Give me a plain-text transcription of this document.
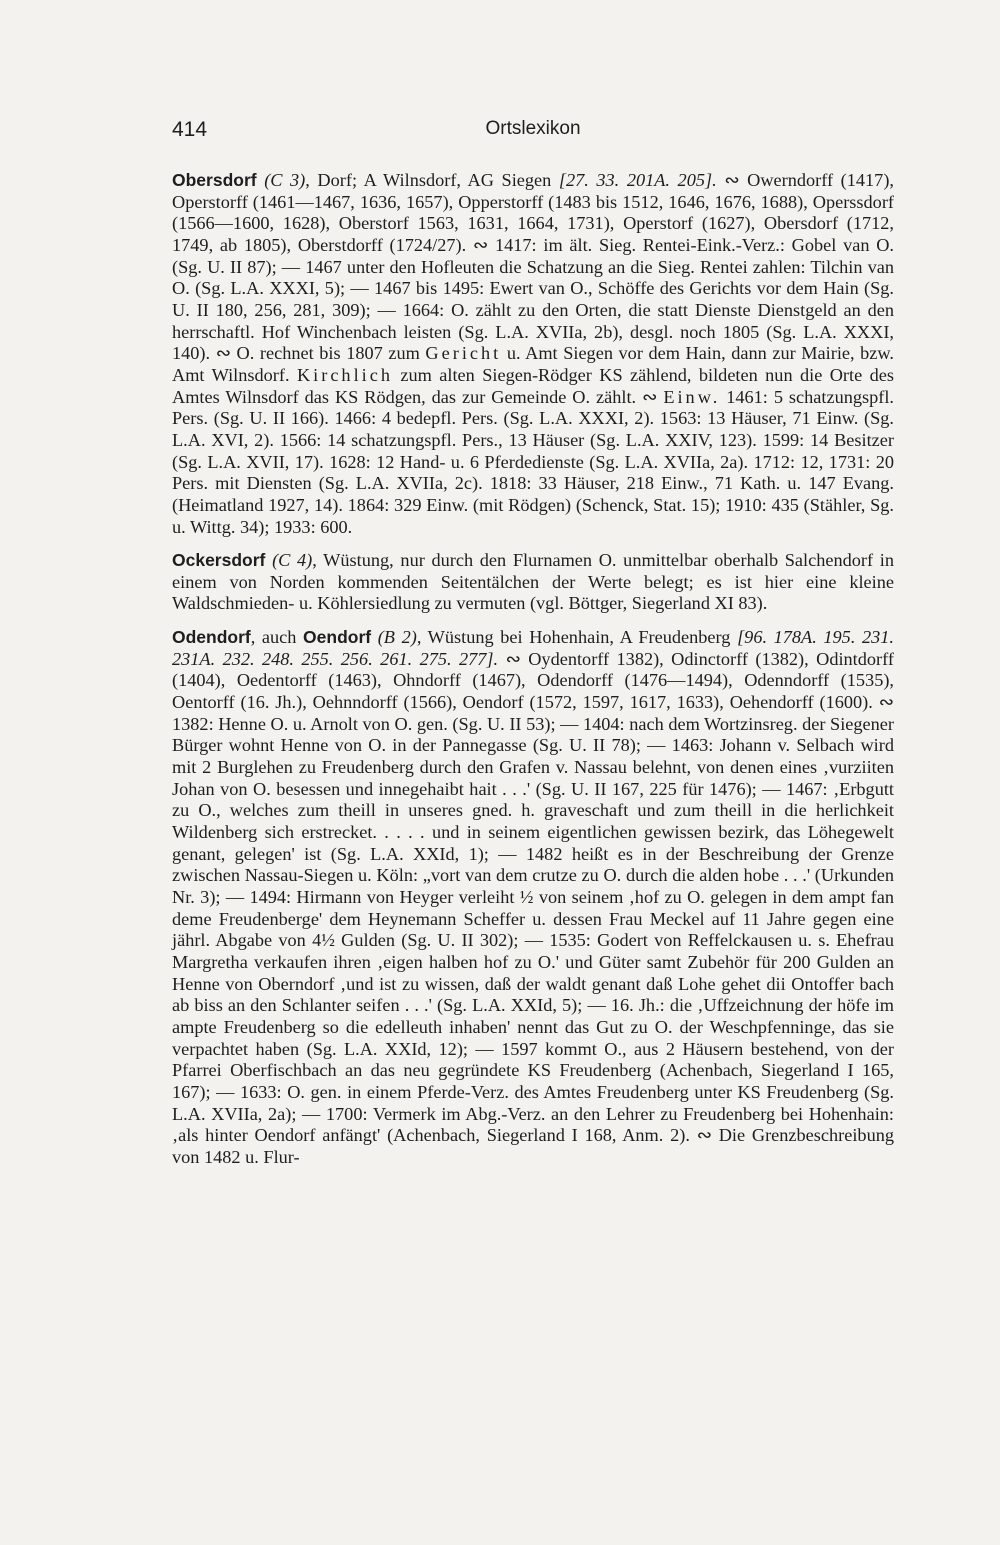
414	Ortslexikon

Obersdorf (C 3), Dorf; A Wilnsdorf, AG Siegen [27. 33. 201A. 205]. ∾ Owerndorff (1417), Operstorff (1461—1467, 1636, 1657), Opperstorff (1483 bis 1512, 1646, 1676, 1688), Operssdorf (1566—1600, 1628), Oberstorf 1563, 1631, 1664, 1731), Operstorf (1627), Obersdorf (1712, 1749, ab 1805), Oberstdorff (1724/27). ∾ 1417: im ält. Sieg. Rentei-Eink.-Verz.: Gobel van O. (Sg. U. II 87); — 1467 unter den Hofleuten die Schatzung an die Sieg. Rentei zahlen: Tilchin van O. (Sg. L.A. XXXI, 5); — 1467 bis 1495: Ewert van O., Schöffe des Gerichts vor dem Hain (Sg. U. II 180, 256, 281, 309); — 1664: O. zählt zu den Orten, die statt Dienste Dienstgeld an den herrschaftl. Hof Winchenbach leisten (Sg. L.A. XVIIa, 2b), desgl. noch 1805 (Sg. L.A. XXXI, 140). ∾ O. rechnet bis 1807 zum Gericht u. Amt Siegen vor dem Hain, dann zur Mairie, bzw. Amt Wilnsdorf. Kirchlich zum alten Siegen-Rödger KS zählend, bildeten nun die Orte des Amtes Wilnsdorf das KS Rödgen, das zur Gemeinde O. zählt. ∾ Einw. 1461: 5 schatzungspfl. Pers. (Sg. U. II 166). 1466: 4 bedepfl. Pers. (Sg. L.A. XXXI, 2). 1563: 13 Häuser, 71 Einw. (Sg. L.A. XVI, 2). 1566: 14 schatzungspfl. Pers., 13 Häuser (Sg. L.A. XXIV, 123). 1599: 14 Besitzer (Sg. L.A. XVII, 17). 1628: 12 Hand- u. 6 Pferdedienste (Sg. L.A. XVIIa, 2a). 1712: 12, 1731: 20 Pers. mit Diensten (Sg. L.A. XVIIa, 2c). 1818: 33 Häuser, 218 Einw., 71 Kath. u. 147 Evang. (Heimatland 1927, 14). 1864: 329 Einw. (mit Rödgen) (Schenck, Stat. 15); 1910: 435 (Stähler, Sg. u. Wittg. 34); 1933: 600.

Ockersdorf (C 4), Wüstung, nur durch den Flurnamen O. unmittelbar oberhalb Salchendorf in einem von Norden kommenden Seitentälchen der Werte belegt; es ist hier eine kleine Waldschmieden- u. Köhlersiedlung zu vermuten (vgl. Böttger, Siegerland XI 83).

Odendorf, auch Oendorf (B 2), Wüstung bei Hohenhain, A Freudenberg [96. 178A. 195. 231. 231A. 232. 248. 255. 256. 261. 275. 277]. ∾ Oydentorff 1382), Odinctorff (1382), Odintdorff (1404), Oedentorff (1463), Ohndorff (1467), Odendorff (1476—1494), Odenndorff (1535), Oentorff (16. Jh.), Oehnndorff (1566), Oendorf (1572, 1597, 1617, 1633), Oehendorff (1600). ∾ 1382: Henne O. u. Arnolt von O. gen. (Sg. U. II 53); — 1404: nach dem Wortzinsreg. der Siegener Bürger wohnt Henne von O. in der Pannegasse (Sg. U. II 78); — 1463: Johann v. Selbach wird mit 2 Burglehen zu Freudenberg durch den Grafen v. Nassau belehnt, von denen eines ‚vurziiten Johan von O. besessen und innegehaibt hait . . .' (Sg. U. II 167, 225 für 1476); — 1467: ‚Erbgutt zu O., welches zum theill in unseres gned. h. graveschaft und zum theill in die herlichkeit Wildenberg sich erstrecket. . . . . und in seinem eigentlichen gewissen bezirk, das Löhegewelt genant, gelegen' ist (Sg. L.A. XXId, 1); — 1482 heißt es in der Beschreibung der Grenze zwischen Nassau-Siegen u. Köln: „vort van dem crutze zu O. durch die alden hobe . . .' (Urkunden Nr. 3); — 1494: Hirmann von Heyger verleiht ½ von seinem ‚hof zu O. gelegen in dem ampt fan deme Freudenberge' dem Heynemann Scheffer u. dessen Frau Meckel auf 11 Jahre gegen eine jährl. Abgabe von 4½ Gulden (Sg. U. II 302); — 1535: Godert von Reffelckausen u. s. Ehefrau Margretha verkaufen ihren ‚eigen halben hof zu O.' und Güter samt Zubehör für 200 Gulden an Henne von Oberndorf ‚und ist zu wissen, daß der waldt genant daß Lohe gehet dii Ontoffer bach ab biss an den Schlanter seifen . . .' (Sg. L.A. XXId, 5); — 16. Jh.: die ‚Uffzeichnung der höfe im ampte Freudenberg so die edelleuth inhaben' nennt das Gut zu O. der Weschpfenninge, das sie verpachtet haben (Sg. L.A. XXId, 12); — 1597 kommt O., aus 2 Häusern bestehend, von der Pfarrei Oberfischbach an das neu gegründete KS Freudenberg (Achenbach, Siegerland I 165, 167); — 1633: O. gen. in einem Pferde-Verz. des Amtes Freudenberg unter KS Freudenberg (Sg. L.A. XVIIa, 2a); — 1700: Vermerk im Abg.-Verz. an den Lehrer zu Freudenberg bei Hohenhain: ‚als hinter Oendorf anfängt' (Achenbach, Siegerland I 168, Anm. 2). ∾ Die Grenzbeschreibung von 1482 u. Flur-
